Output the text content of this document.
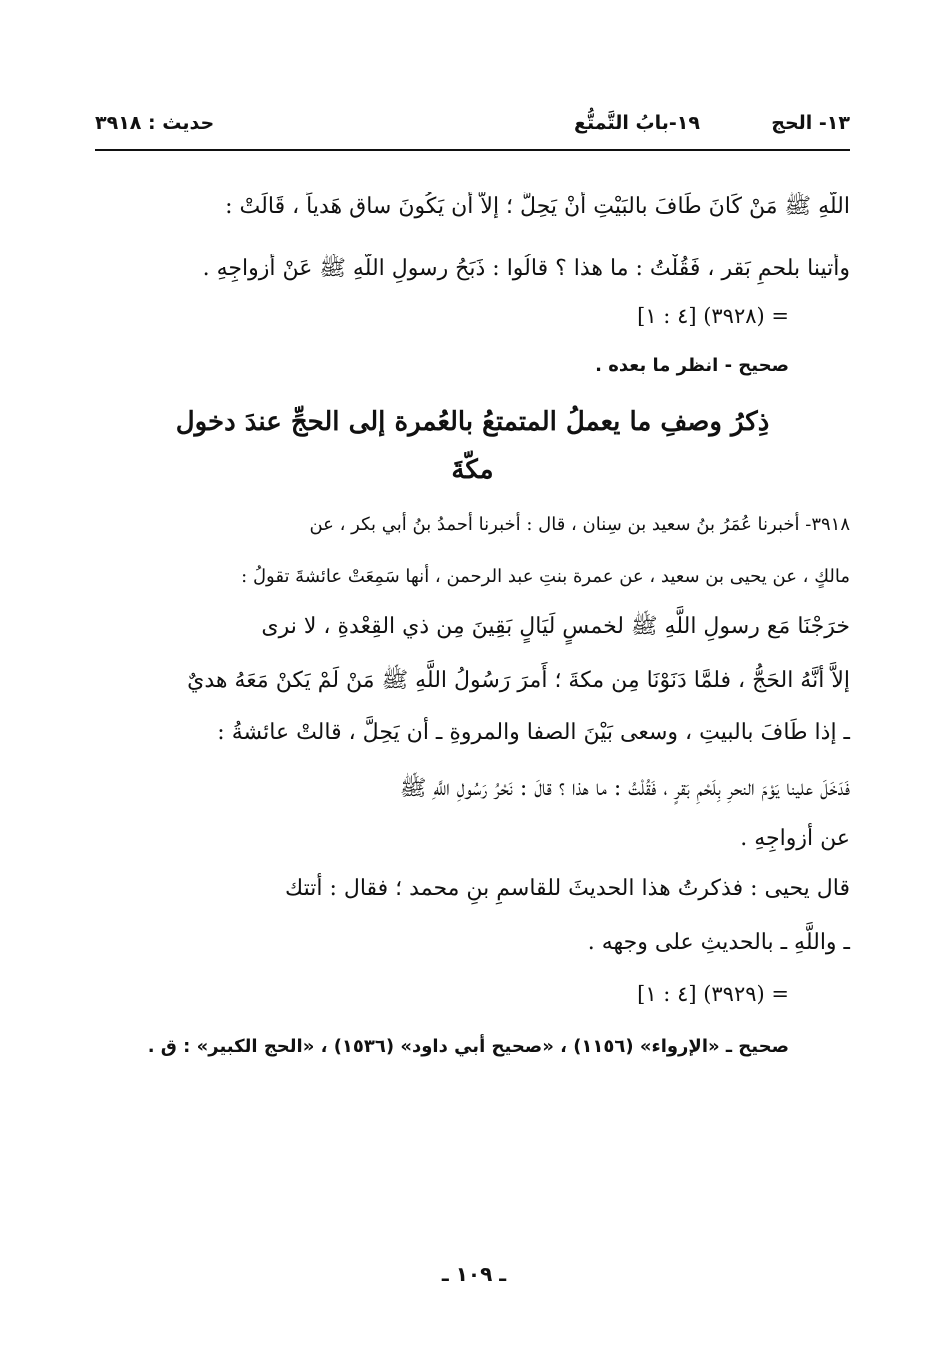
١٣- الحج
١٩-بابُ التَّمتُّع
حديث : ٣٩١٨
اللَّهِ ﷺ مَنْ كَانَ طَافَ بالبَيْتِ أنْ يَحِلَّ ؛ إلاَّ أن يَكُونَ ساق هَدياً ، قَالَتْ :
وأُتينا بلحمِ بَقر ، فَقُلْتُ : ما هذا ؟ قالُوا : ذَبَحُ رسولِ اللَّهِ ﷺ عَنْ أزواجِهِ .
= (٣٩٢٨) [٤ : ١]
صحيح - انظر ما بعده .
ذِكرُ وصفِ ما يعملُ المتمتعُ بالعُمرة إلى الحجِّ عندَ دخول مكّةَ
٣٩١٨- أخبرنا عُمَرُ بنُ سعيد بن سِنان ، قال : أخبرنا أحمدُ بنُ أبي بكر ، عن
مالكٍ ، عن يحيى بن سعيد ، عن عمرة بنتِ عبد الرحمن ، أنها سَمِعَتْ عائشةَ تقولُ :
خرَجْنَا مَع رسولِ اللَّهِ ﷺ لخمسٍ لَيَالٍ بَقِينَ مِن ذي القِعْدةِ ، لا نرى
إلاَّ أنَّهُ الحَجُّ ، فلمَّا دَنَوْنَا مِن مكةَ ؛ أَمرَ رَسُولُ اللَّهِ ﷺ مَنْ لَمْ يَكنْ مَعَهُ هديٌ
ـ إذا طَافَ بالبيتِ ، وسعى بَيْنَ الصفا والمروةِ ـ أن يَحِلَّ ، قالتْ عائشةُ :
فَدَخَلَ علينا يَوْمَ النحرِ بِلَحْمِ بَقرٍ ، فَقُلْتُ : ما هذا ؟ قالَ : نَحْرُ رَسُولِ اللَّهِ ﷺ
عن أزواجِهِ .
قال يحيى : فذكرتُ هذا الحديثَ للقاسمِ بنِ محمد ؛ فقال : أتتك
ـ واللَّهِ ـ بالحديثِ على وجهه .
= (٣٩٢٩) [٤ : ١]
صحيح ـ «الإرواء» (١١٥٦) ، «صحيح أبي داود» (١٥٣٦) ، «الحج الكبير» : ق .
ـ ١٠٩ ـ
